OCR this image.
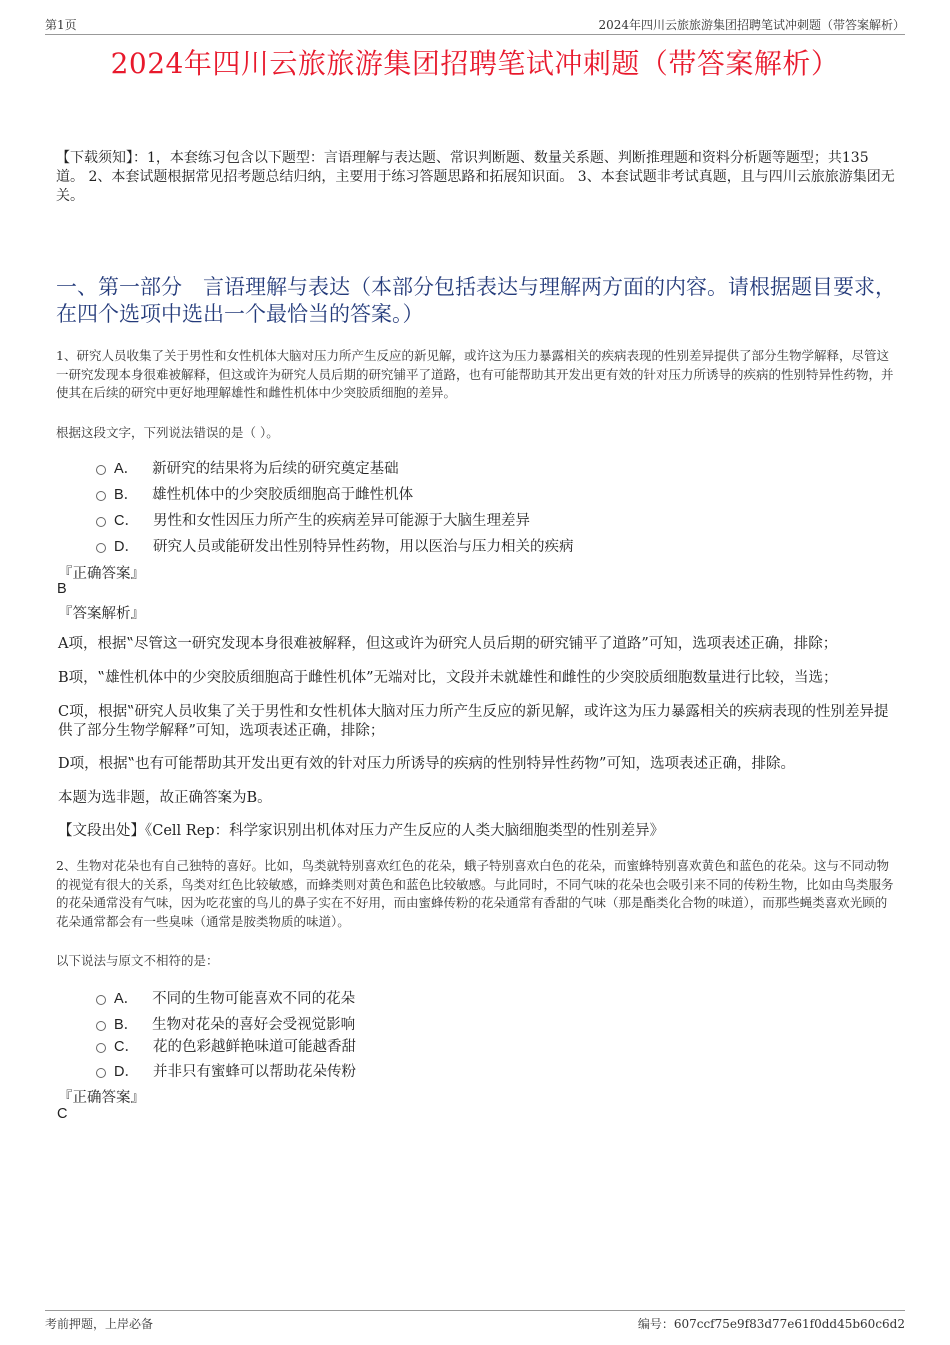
第1页	2024年四川云旅旅游集团招聘笔试冲刺题（带答案解析）
2024年四川云旅旅游集团招聘笔试冲刺题（带答案解析）
【下载须知】：1，本套练习包含以下题型：言语理解与表达题、常识判断题、数量关系题、判断推理题和资料分析题等题型；共135道。 2、本套试题根据常见招考题总结归纳，主要用于练习答题思路和拓展知识面。 3、本套试题非考试真题，且与四川云旅旅游集团无关。
一、第一部分　言语理解与表达（本部分包括表达与理解两方面的内容。请根据题目要求，在四个选项中选出一个最恰当的答案。）
1、研究人员收集了关于男性和女性机体大脑对压力所产生反应的新见解，或许这为压力暴露相关的疾病表现的性别差异提供了部分生物学解释，尽管这一研究发现本身很难被解释，但这或许为研究人员后期的研究铺平了道路，也有可能帮助其开发出更有效的针对压力所诱导的疾病的性别特异性药物，并使其在后续的研究中更好地理解雄性和雌性机体中少突胶质细胞的差异。
根据这段文字，下列说法错误的是（ ）。
A． 新研究的结果将为后续的研究奠定基础
B． 雄性机体中的少突胶质细胞高于雌性机体
C． 男性和女性因压力所产生的疾病差异可能源于大脑生理差异
D． 研究人员或能研发出性别特异性药物，用以医治与压力相关的疾病
『正确答案』
B
『答案解析』
A项，根据‟尽管这一研究发现本身很难被解释，但这或许为研究人员后期的研究铺平了道路”可知，选项表述正确，排除；
B项，‟雄性机体中的少突胶质细胞高于雌性机体”无端对比，文段并未就雄性和雌性的少突胶质细胞数量进行比较，当选；
C项，根据‟研究人员收集了关于男性和女性机体大脑对压力所产生反应的新见解，或许这为压力暴露相关的疾病表现的性别差异提供了部分生物学解释”可知，选项表述正确，排除；
D项，根据‟也有可能帮助其开发出更有效的针对压力所诱导的疾病的性别特异性药物”可知，选项表述正确，排除。
本题为选非题，故正确答案为B。
【文段出处】《Cell Rep：科学家识别出机体对压力产生反应的人类大脑细胞类型的性别差异》
2、生物对花朵也有自己独特的喜好。比如，鸟类就特别喜欢红色的花朵，蛾子特别喜欢白色的花朵，而蜜蜂特别喜欢黄色和蓝色的花朵。这与不同动物的视觉有很大的关系，鸟类对红色比较敏感，而蜂类则对黄色和蓝色比较敏感。与此同时，不同气味的花朵也会吸引来不同的传粉生物，比如由鸟类服务的花朵通常没有气味，因为吃花蜜的鸟儿的鼻子实在不好用，而由蜜蜂传粉的花朵通常有香甜的气味（那是酯类化合物的味道），而那些蝇类喜欢光顾的花朵通常都会有一些臭味（通常是胺类物质的味道）。
以下说法与原文不相符的是：
A． 不同的生物可能喜欢不同的花朵
B． 生物对花朵的喜好会受视觉影响
C． 花的色彩越鲜艳味道可能越香甜
D． 并非只有蜜蜂可以帮助花朵传粉
『正确答案』
C
考前押题，上岸必备	编号：607ccf75e9f83d77e61f0dd45b60c6d2
